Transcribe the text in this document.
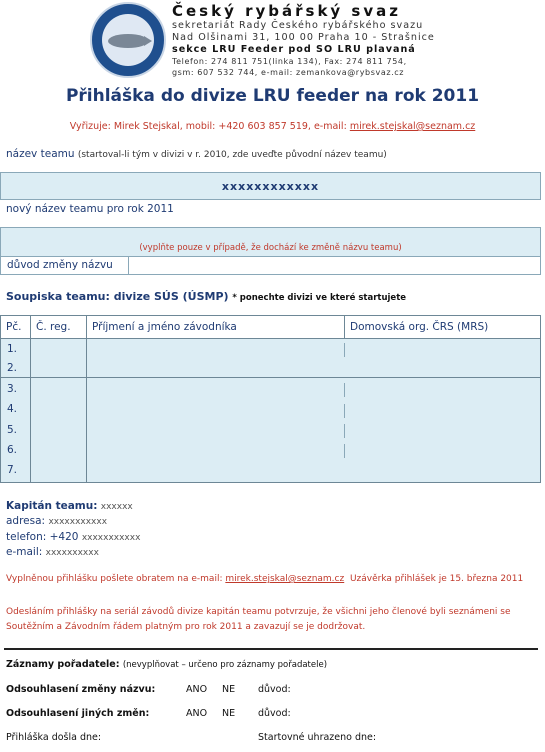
Český rybářský svaz
sekretariát Rady Českého rybářského svazu
Nad Olšinami 31, 100 00 Praha 10 - Strašnice
sekce LRU Feeder pod SO LRU plavaná
Telefon: 274 811 751(linka 134), Fax: 274 811 754,
gsm: 607 532 744, e-mail: zemankova@rybsvaz.cz
Přihláška do divize LRU feeder na rok 2011
Vyřizuje: Mirek Stejskal, mobil: +420 603 857 519, e-mail: mirek.stejskal@seznam.cz
název teamu (startoval-li tým v divizi v r. 2010, zde uveďte původní název teamu)
xxxxxxxxxxxx
nový název teamu pro rok 2011
(vyplňte pouze v případě, že dochází ke změně názvu teamu)
důvod změny názvu
Soupiska teamu: divize SÚS (ÚSMP) * ponechte divizi ve které startujete
Pč.	Č. reg.	Příjmení a jméno závodníka	Domovská org. ČRS (MRS)
1.
2.
3.
4.
5.
6.
7.
Kapitán teamu: xxxxxx
adresa: xxxxxxxxxxx
telefon: +420 xxxxxxxxxxx
e-mail: xxxxxxxxxx
Vyplněnou přihlášku pošlete obratem na e-mail: mirek.stejskal@seznam.cz Uzávěrka přihlášek je 15. března 2011
Odesláním přihlášky na seriál závodů divize kapitán teamu potvrzuje, že všichni jeho členové byli seznámeni se Soutěžním a Závodním řádem platným pro rok 2011 a zavazují se je dodržovat.
Záznamy pořadatele: (nevyplňovat – určeno pro záznamy pořadatele)
Odsouhlasení změny názvu:	ANO NE důvod:
Odsouhlasení jiných změn:	ANO NE důvod:
Přihláška došla dne:	Startovné uhrazeno dne:
